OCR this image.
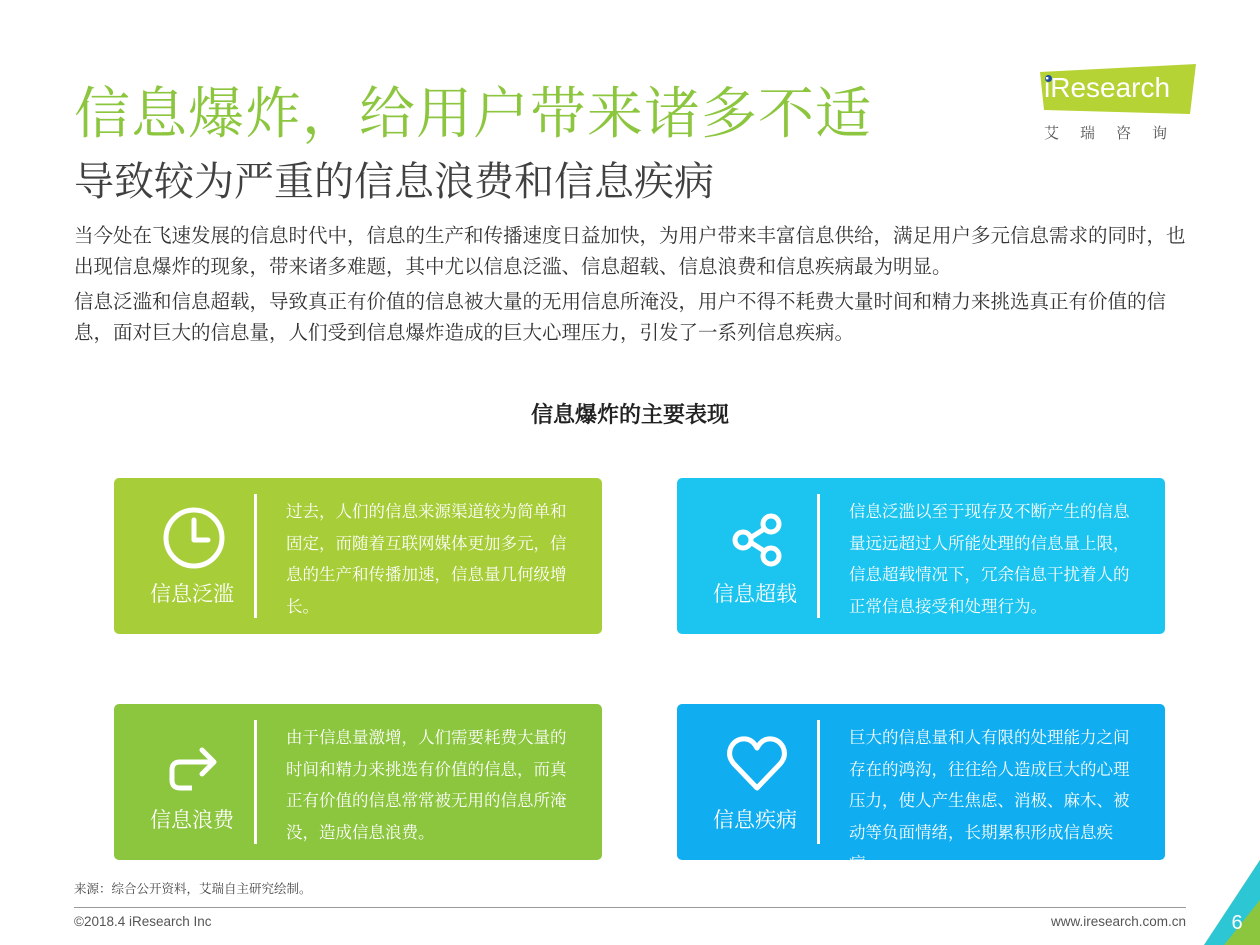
信息爆炸，给用户带来诸多不适
导致较为严重的信息浪费和信息疾病
iResearch
艾瑞咨询

当今处在飞速发展的信息时代中，信息的生产和传播速度日益加快，为用户带来丰富信息供给，满足用户多元信息需求的同时，也出现信息爆炸的现象，带来诸多难题，其中尤以信息泛滥、信息超载、信息浪费和信息疾病最为明显。

信息泛滥和信息超载，导致真正有价值的信息被大量的无用信息所淹没，用户不得不耗费大量时间和精力来挑选真正有价值的信息，面对巨大的信息量，人们受到信息爆炸造成的巨大心理压力，引发了一系列信息疾病。

信息爆炸的主要表现
信息泛滥

过去，人们的信息来源渠道较为简单和固定，而随着互联网媒体更加多元，信息的生产和传播加速，信息量几何级增长。	信息超载

信息泛滥以至于现存及不断产生的信息量远远超过人所能处理的信息量上限，信息超载情况下，冗余信息干扰着人的正常信息接受和处理行为。

信息浪费

由于信息量激增，人们需要耗费大量的时间和精力来挑选有价值的信息，而真正有价值的信息常常被无用的信息所淹没，造成信息浪费。	信息疾病

巨大的信息量和人有限的处理能力之间存在的鸿沟，往往给人造成巨大的心理压力，使人产生焦虑、消极、麻木、被动等负面情绪，长期累积形成信息疾病。

来源：综合公开资料，艾瑞自主研究绘制。
©2018.4 iResearch Inc	www.iresearch.com.cn	6
